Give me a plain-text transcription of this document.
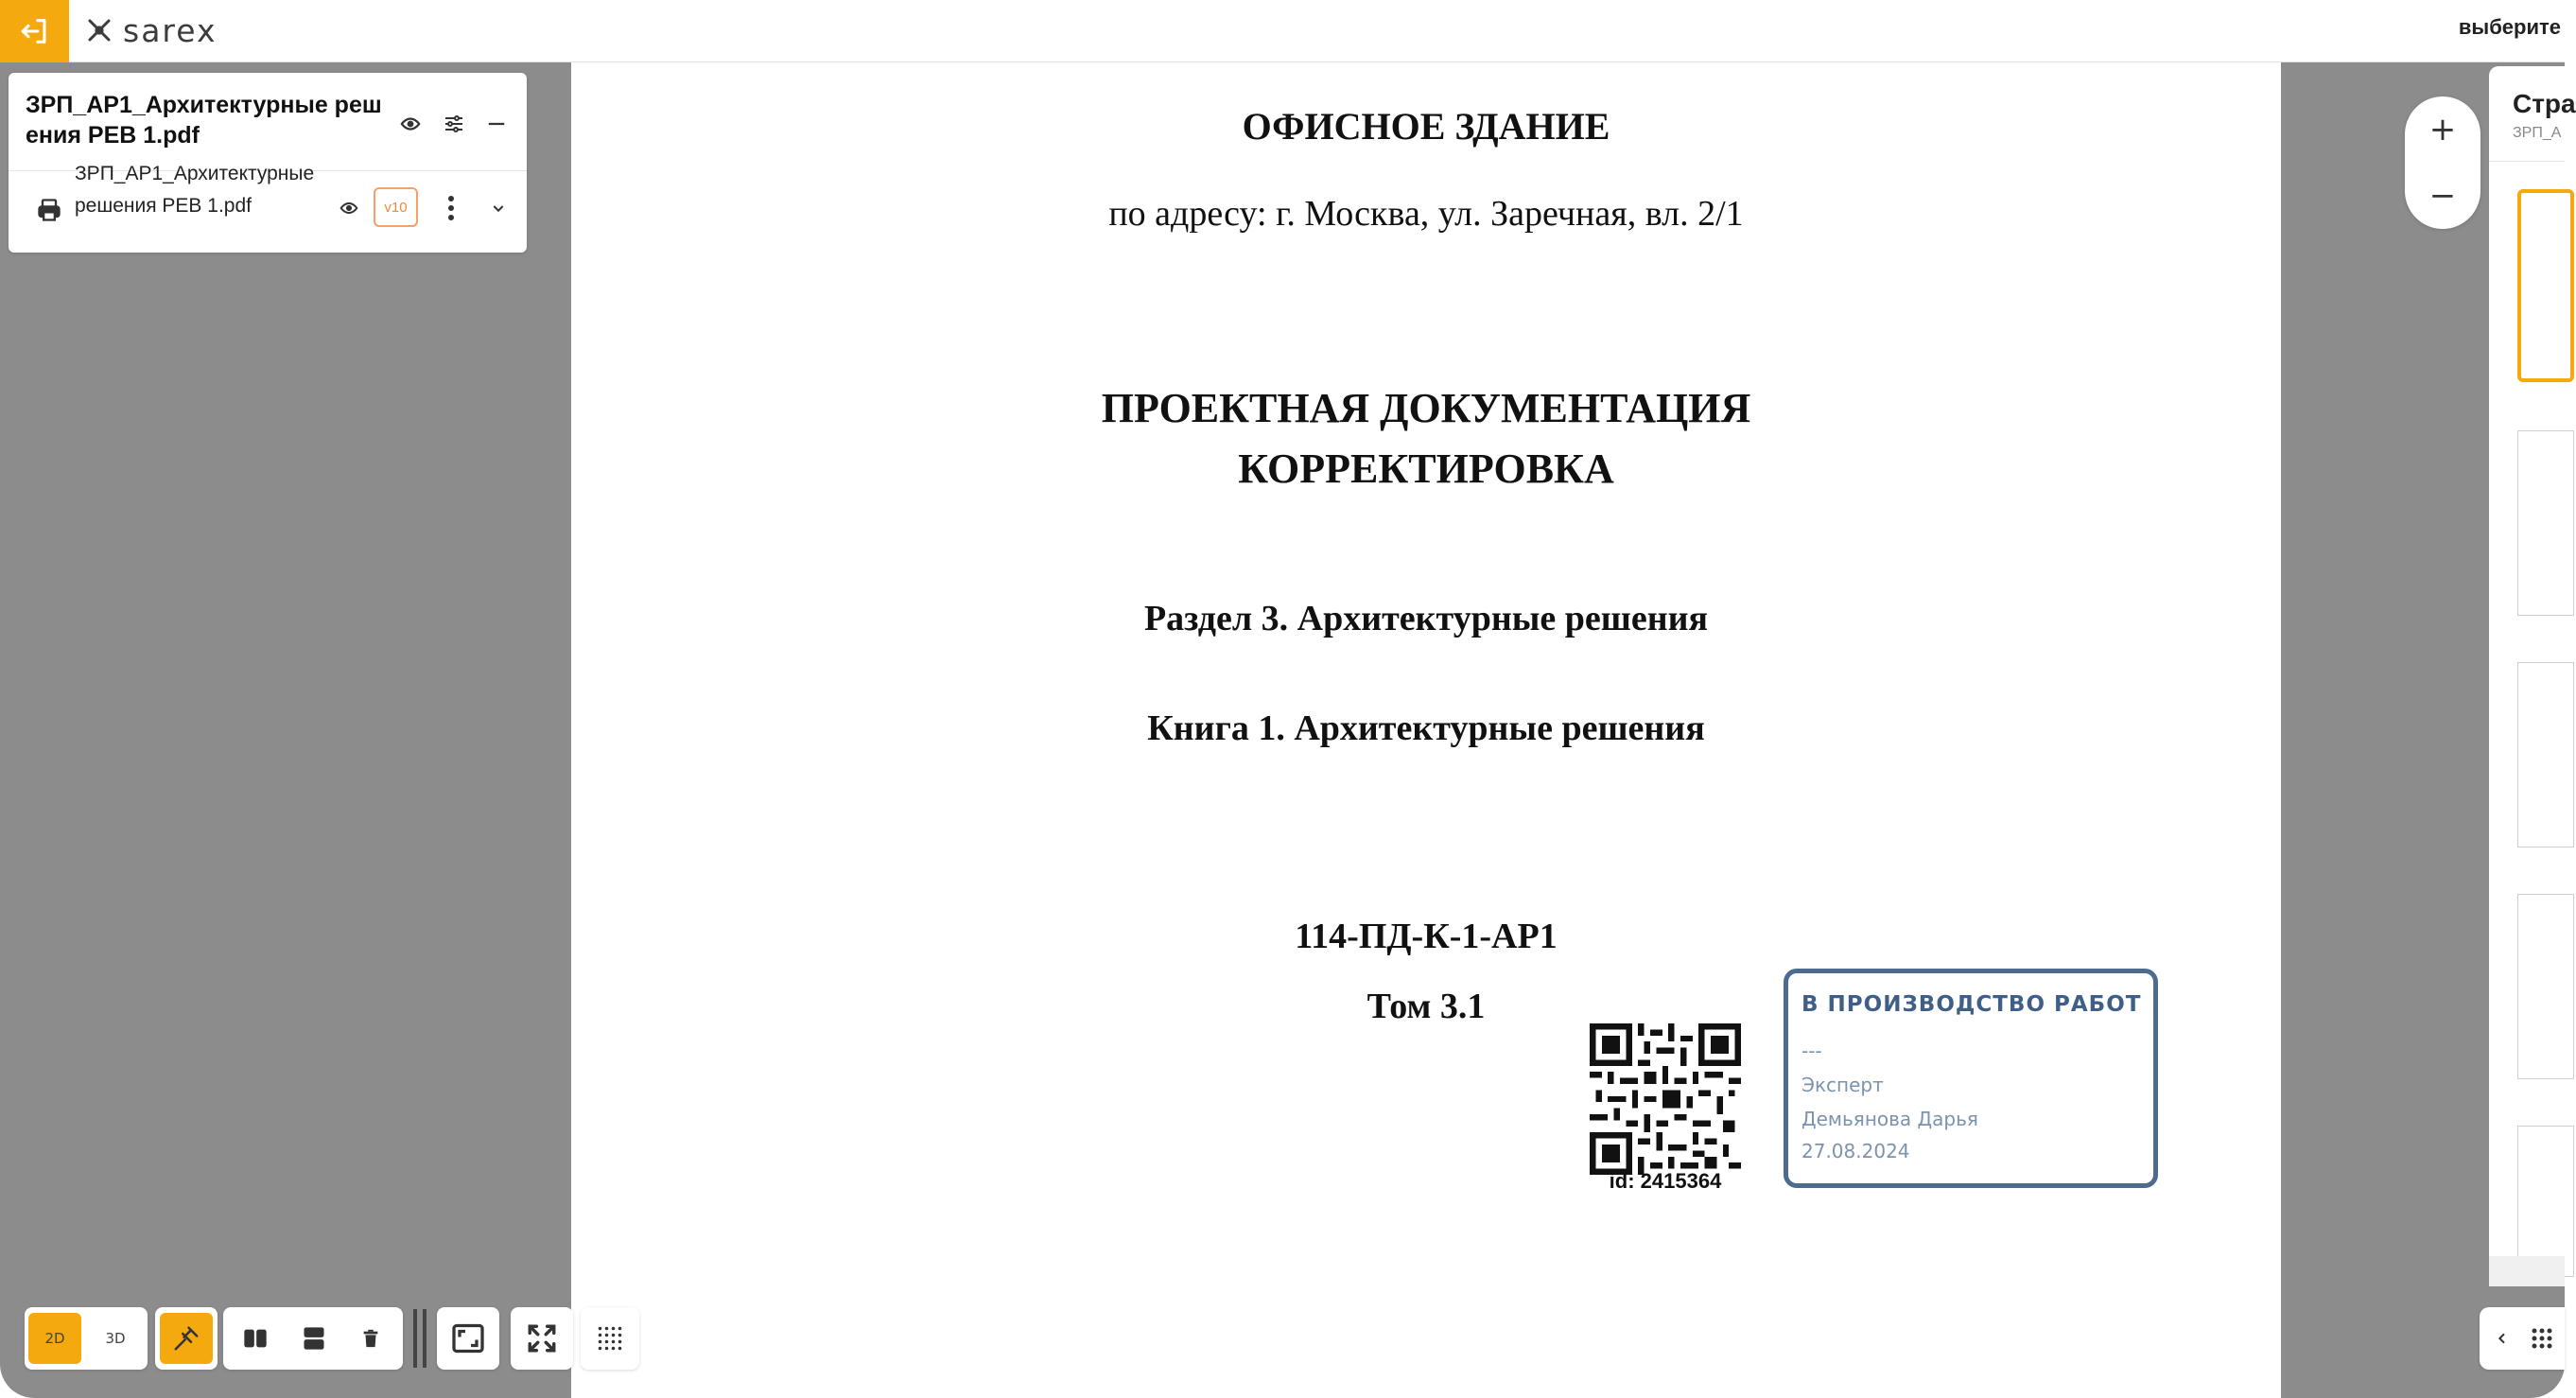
sarex	выберите
ЗРП_АР1_Архитектурные решения РЕВ 1.pdf
ЗРП_АР1_Архитектурные решения РЕВ 1.pdf	v10
ОФИСНОЕ ЗДАНИЕ
по адресу: г. Москва, ул. Заречная, вл. 2/1
ПРОЕКТНАЯ ДОКУМЕНТАЦИЯ
КОРРЕКТИРОВКА
Раздел 3. Архитектурные решения
Книга 1. Архитектурные решения
114-ПД-К-1-АР1
Том 3.1
id: 2415364
В ПРОИЗВОДСТВО РАБОТ
---
Эксперт
Демьянова Дарья
27.08.2024
+
−
Стра
ЗРП_А
2D	3D
